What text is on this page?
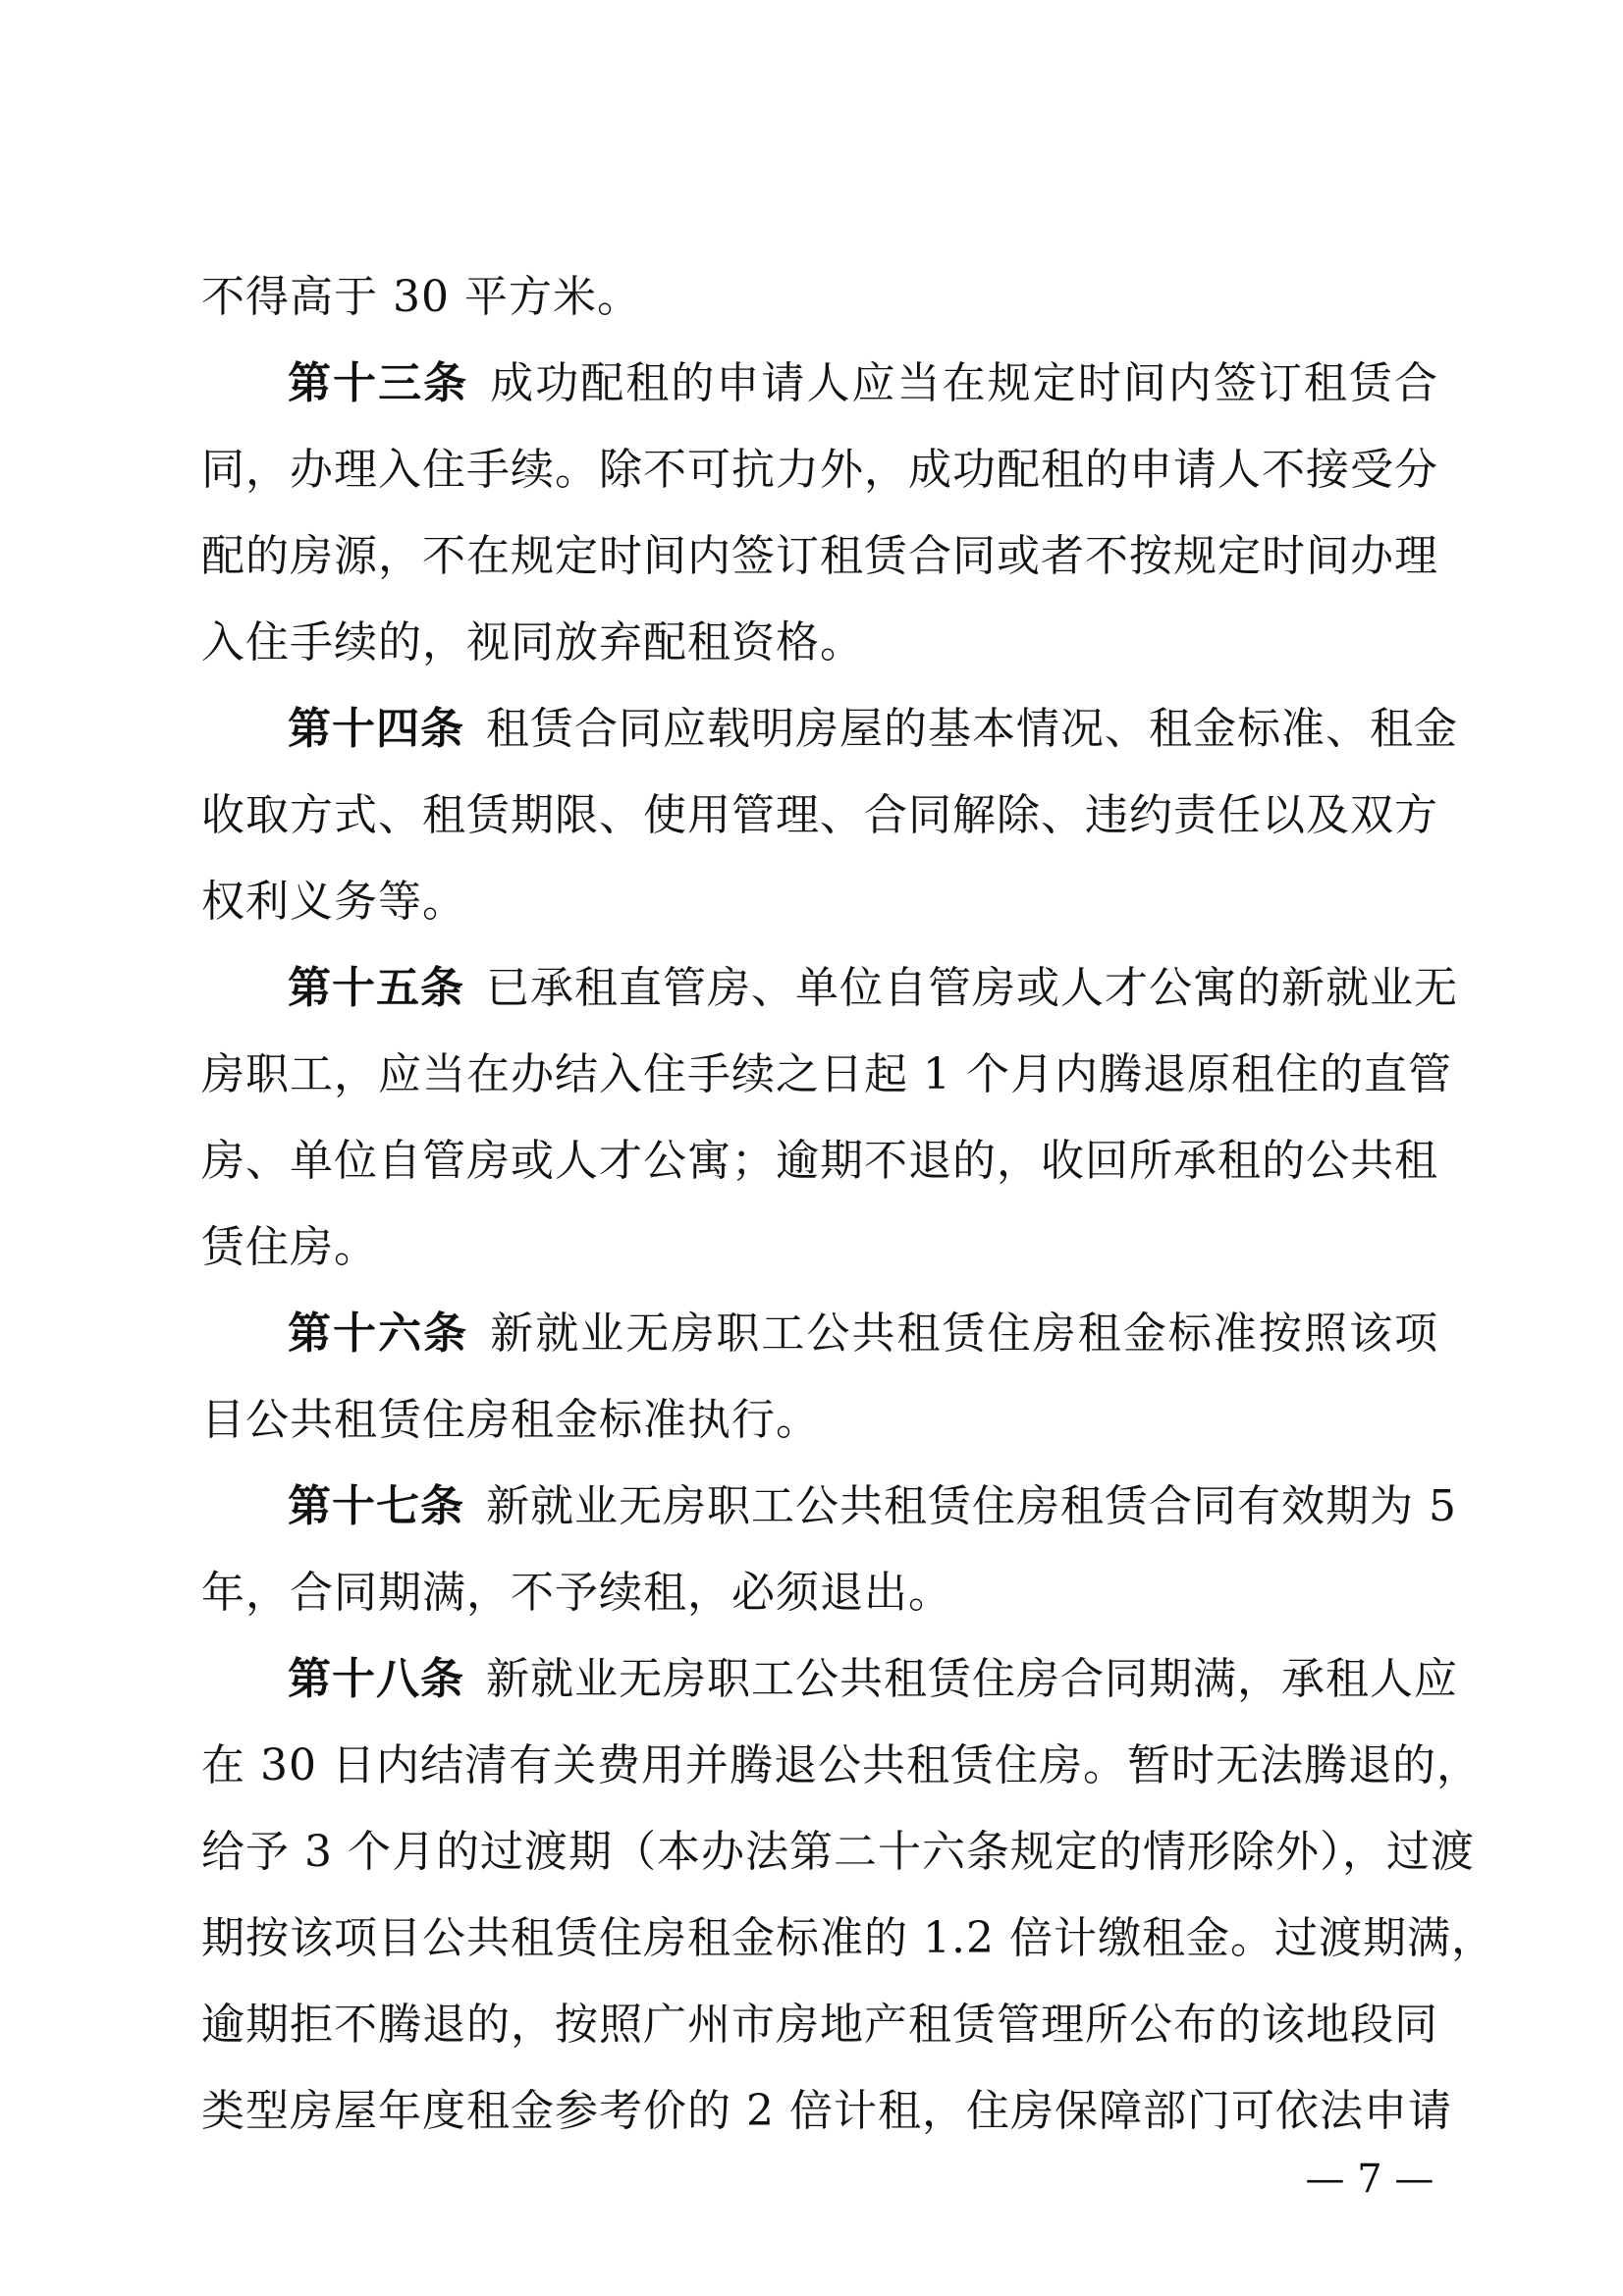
不得高于 30 平方米。
第十三条 成功配租的申请人应当在规定时间内签订租赁合
同，办理入住手续。除不可抗力外，成功配租的申请人不接受分
配的房源，不在规定时间内签订租赁合同或者不按规定时间办理
入住手续的，视同放弃配租资格。
第十四条 租赁合同应载明房屋的基本情况、租金标准、租金
收取方式、租赁期限、使用管理、合同解除、违约责任以及双方
权利义务等。
第十五条 已承租直管房、单位自管房或人才公寓的新就业无
房职工，应当在办结入住手续之日起 1 个月内腾退原租住的直管
房、单位自管房或人才公寓；逾期不退的，收回所承租的公共租
赁住房。
第十六条 新就业无房职工公共租赁住房租金标准按照该项
目公共租赁住房租金标准执行。
第十七条 新就业无房职工公共租赁住房租赁合同有效期为 5
年，合同期满，不予续租，必须退出。
第十八条 新就业无房职工公共租赁住房合同期满，承租人应
在 30 日内结清有关费用并腾退公共租赁住房。暂时无法腾退的，
给予 3 个月的过渡期（本办法第二十六条规定的情形除外），过渡
期按该项目公共租赁住房租金标准的 1.2 倍计缴租金。过渡期满，
逾期拒不腾退的，按照广州市房地产租赁管理所公布的该地段同
类型房屋年度租金参考价的 2 倍计租，住房保障部门可依法申请
— 7 —
